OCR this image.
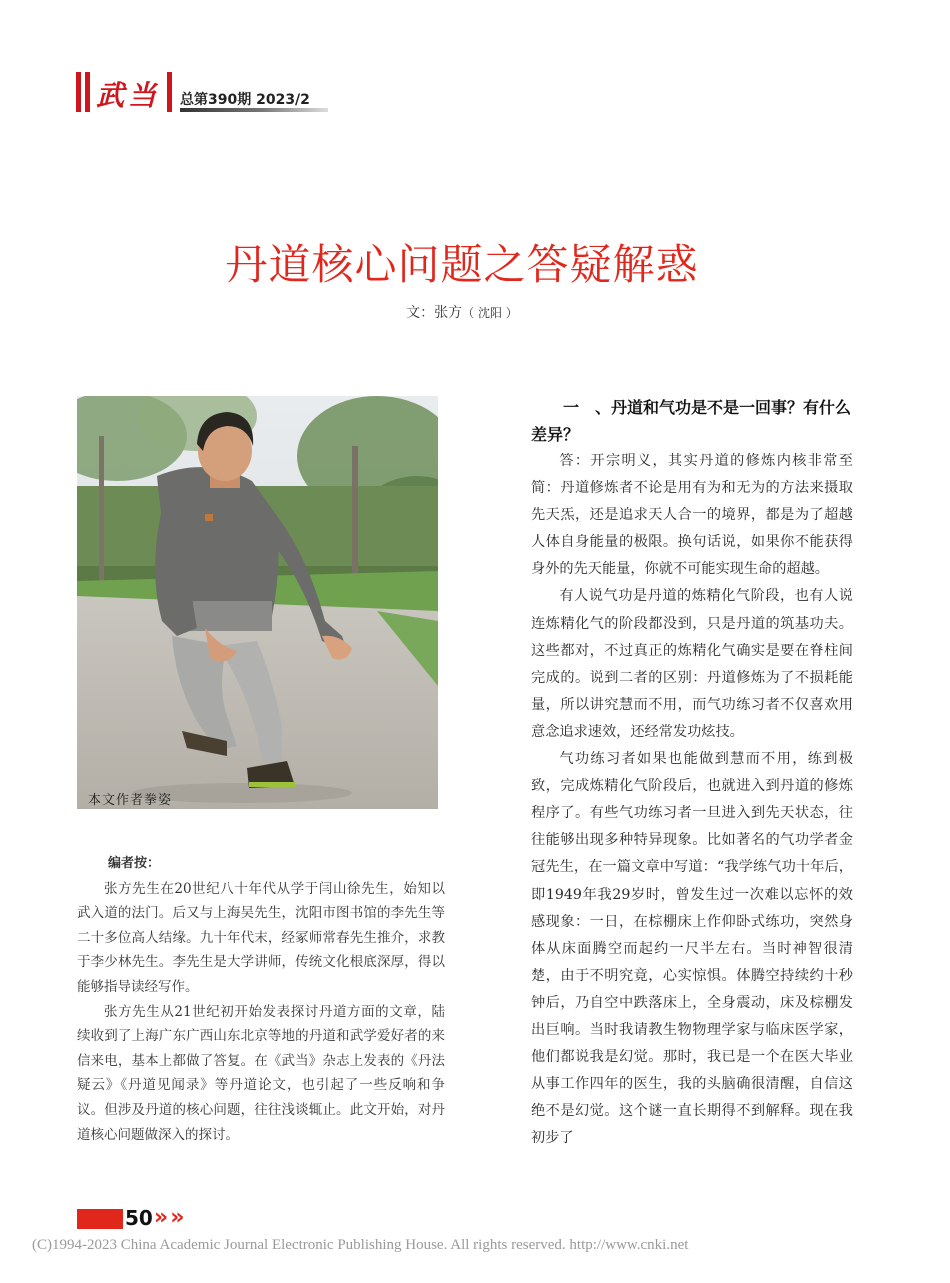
武当 总第390期 2023/2
丹道核心问题之答疑解惑
文：张方（ 沈阳 ）
本文作者拳姿
编者按：

张方先生在20世纪八十年代从学于闫山徐先生，始知以武入道的法门。后又与上海吴先生，沈阳市图书馆的李先生等二十多位高人结缘。九十年代末，经冢师常春先生推介，求教于李少林先生。李先生是大学讲师，传统文化根底深厚，得以能够指导读经写作。

张方先生从21世纪初开始发表探讨丹道方面的文章，陆续收到了上海广东广西山东北京等地的丹道和武学爱好者的来信来电，基本上都做了答复。在《武当》杂志上发表的《丹法疑云》《丹道见闻录》等丹道论文，也引起了一些反响和争议。但涉及丹道的核心问题，往往浅谈辄止。此文开始，对丹道核心问题做深入的探讨。

一　、丹道和气功是不是一回事？有什么差异？

答：开宗明义，其实丹道的修炼内核非常至简：丹道修炼者不论是用有为和无为的方法来摄取先天炁，还是追求天人合一的境界，都是为了超越人体自身能量的极限。换句话说，如果你不能获得身外的先天能量，你就不可能实现生命的超越。

有人说气功是丹道的炼精化气阶段，也有人说连炼精化气的阶段都没到，只是丹道的筑基功夫。这些都对，不过真正的炼精化气确实是要在脊柱间完成的。说到二者的区别：丹道修炼为了不损耗能量，所以讲究慧而不用，而气功练习者不仅喜欢用意念追求速效，还经常发功炫技。

气功练习者如果也能做到慧而不用，练到极致，完成炼精化气阶段后，也就进入到丹道的修炼程序了。有些气功练习者一旦进入到先天状态，往往能够出现多种特异现象。比如著名的气功学者金冠先生，在一篇文章中写道：“我学练气功十年后，即1949年我29岁时，曾发生过一次难以忘怀的效感现象：一日，在棕棚床上作仰卧式练功，突然身体从床面腾空而起约一尺半左右。当时神智很清楚，由于不明究竟，心实惊惧。体腾空持续约十秒钟后，乃自空中跌落床上，全身震动，床及棕棚发出巨响。当时我请教生物物理学家与临床医学家，他们都说我是幻觉。那时，我已是一个在医大毕业从事工作四年的医生，我的头脑确很清醒，自信这绝不是幻觉。这个谜一直长期得不到解释。现在我初步了

50 » »
(C)1994-2023 China Academic Journal Electronic Publishing House. All rights reserved. http://www.cnki.net
